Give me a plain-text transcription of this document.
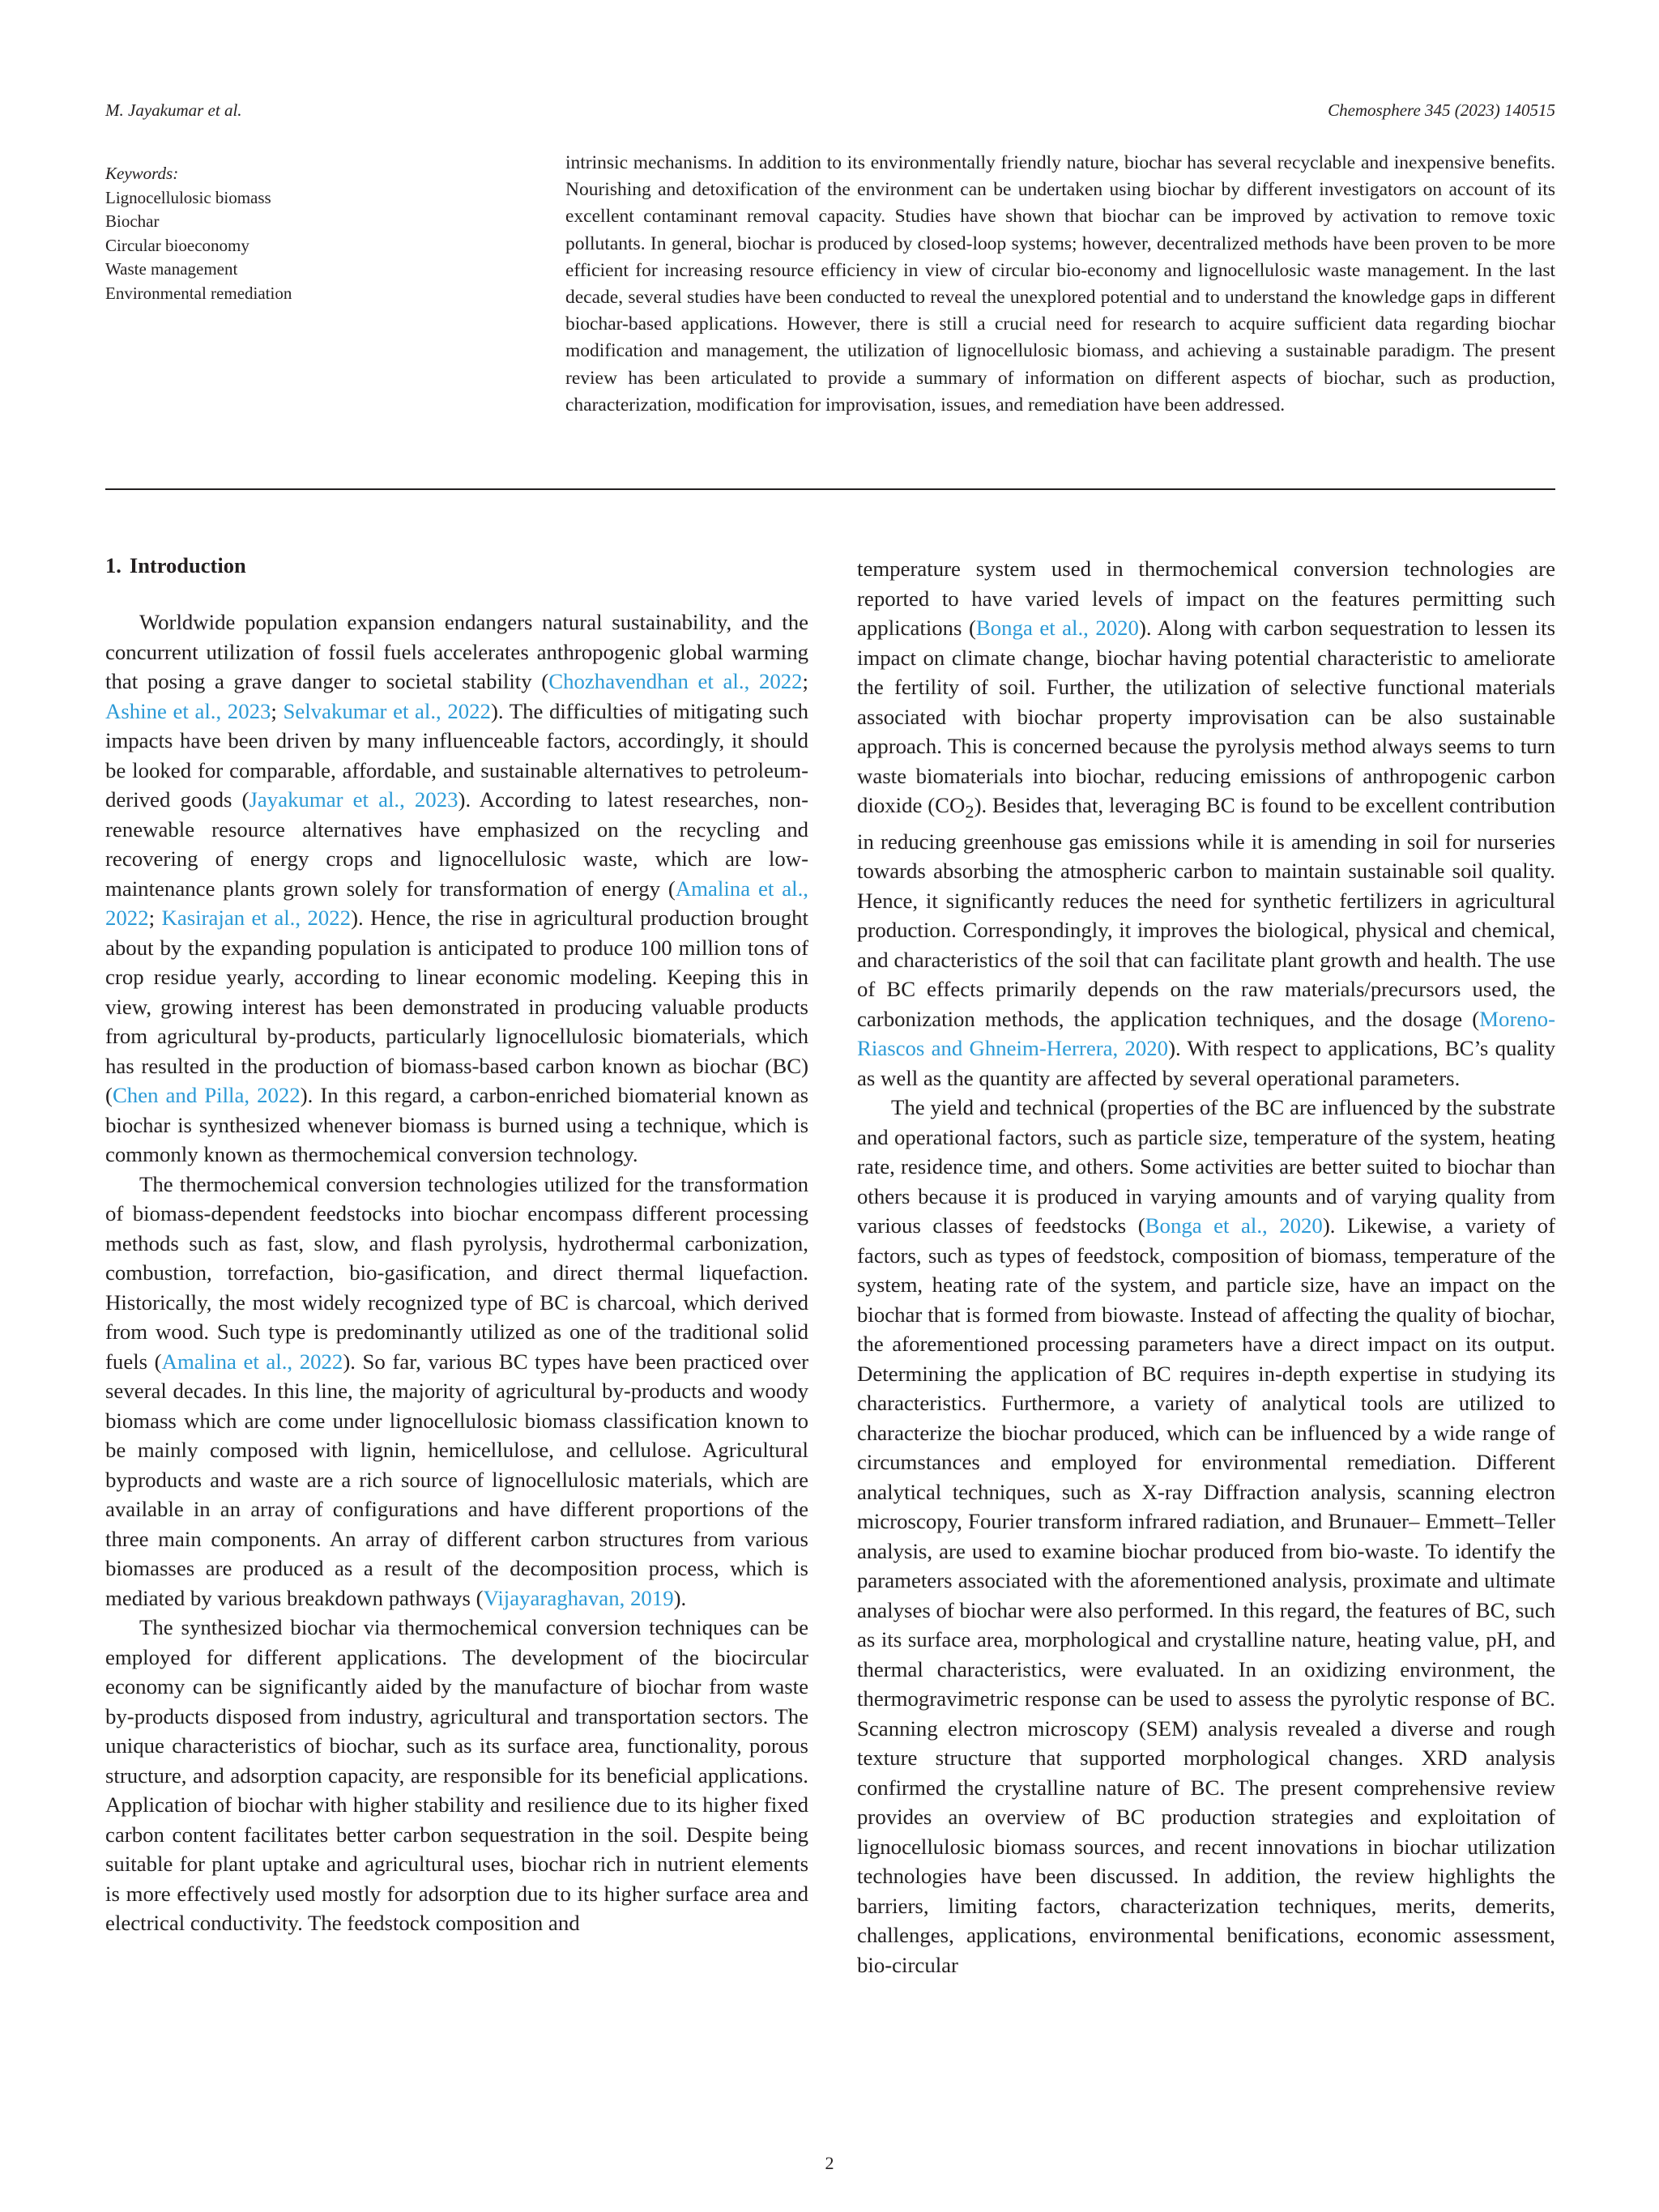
M. Jayakumar et al.	Chemosphere 345 (2023) 140515
Keywords:
Lignocellulosic biomass
Biochar
Circular bioeconomy
Waste management
Environmental remediation
intrinsic mechanisms. In addition to its environmentally friendly nature, biochar has several recyclable and inexpensive benefits. Nourishing and detoxification of the environment can be undertaken using biochar by different investigators on account of its excellent contaminant removal capacity. Studies have shown that biochar can be improved by activation to remove toxic pollutants. In general, biochar is produced by closed-loop systems; however, decentralized methods have been proven to be more efficient for increasing resource efficiency in view of circular bio-economy and lignocellulosic waste management. In the last decade, several studies have been conducted to reveal the unexplored potential and to understand the knowledge gaps in different biochar-based applications. However, there is still a crucial need for research to acquire sufficient data regarding biochar modification and management, the utilization of lignocellulosic biomass, and achieving a sustainable paradigm. The present review has been articulated to provide a summary of information on different aspects of biochar, such as production, characterization, modification for improvisation, issues, and remediation have been addressed.
1. Introduction

Worldwide population expansion endangers natural sustainability, and the concurrent utilization of fossil fuels accelerates anthropogenic global warming that posing a grave danger to societal stability (Chozhavendhan et al., 2022; Ashine et al., 2023; Selvakumar et al., 2022). The difficulties of mitigating such impacts have been driven by many influenceable factors, accordingly, it should be looked for comparable, affordable, and sustainable alternatives to petroleum-derived goods (Jayakumar et al., 2023). According to latest researches, non-renewable resource alternatives have emphasized on the recycling and recovering of energy crops and lignocellulosic waste, which are low-maintenance plants grown solely for transformation of energy (Amalina et al., 2022; Kasirajan et al., 2022). Hence, the rise in agricultural production brought about by the expanding population is anticipated to produce 100 million tons of crop residue yearly, according to linear economic modeling. Keeping this in view, growing interest has been demonstrated in producing valuable products from agricultural by-products, particularly lignocellulosic biomaterials, which has resulted in the production of biomass-based carbon known as biochar (BC) (Chen and Pilla, 2022). In this regard, a carbon-enriched biomaterial known as biochar is synthesized whenever biomass is burned using a technique, which is commonly known as thermochemical conversion technology.

The thermochemical conversion technologies utilized for the transformation of biomass-dependent feedstocks into biochar encompass different processing methods such as fast, slow, and flash pyrolysis, hydrothermal carbonization, combustion, torrefaction, bio-gasification, and direct thermal liquefaction. Historically, the most widely recognized type of BC is charcoal, which derived from wood. Such type is predominantly utilized as one of the traditional solid fuels (Amalina et al., 2022). So far, various BC types have been practiced over several decades. In this line, the majority of agricultural by-products and woody biomass which are come under lignocellulosic biomass classification known to be mainly composed with lignin, hemicellulose, and cellulose. Agricultural byproducts and waste are a rich source of lignocellulosic materials, which are available in an array of configurations and have different proportions of the three main components. An array of different carbon structures from various biomasses are produced as a result of the decomposition process, which is mediated by various breakdown pathways (Vijayaraghavan, 2019).

The synthesized biochar via thermochemical conversion techniques can be employed for different applications. The development of the biocircular economy can be significantly aided by the manufacture of biochar from waste by-products disposed from industry, agricultural and transportation sectors. The unique characteristics of biochar, such as its surface area, functionality, porous structure, and adsorption capacity, are responsible for its beneficial applications. Application of biochar with higher stability and resilience due to its higher fixed carbon content facilitates better carbon sequestration in the soil. Despite being suitable for plant uptake and agricultural uses, biochar rich in nutrient elements is more effectively used mostly for adsorption due to its higher surface area and electrical conductivity. The feedstock composition and

temperature system used in thermochemical conversion technologies are reported to have varied levels of impact on the features permitting such applications (Bonga et al., 2020). Along with carbon sequestration to lessen its impact on climate change, biochar having potential characteristic to ameliorate the fertility of soil. Further, the utilization of selective functional materials associated with biochar property improvisation can be also sustainable approach. This is concerned because the pyrolysis method always seems to turn waste biomaterials into biochar, reducing emissions of anthropogenic carbon dioxide $(CO_2)$. Besides that, leveraging BC is found to be excellent contribution in reducing greenhouse gas emissions while it is amending in soil for nurseries towards absorbing the atmospheric carbon to maintain sustainable soil quality. Hence, it significantly reduces the need for synthetic fertilizers in agricultural production. Correspondingly, it improves the biological, physical and chemical, and characteristics of the soil that can facilitate plant growth and health. The use of BC effects primarily depends on the raw materials/precursors used, the carbonization methods, the application techniques, and the dosage (Moreno-Riascos and Ghneim-Herrera, 2020). With respect to applications, BC’s quality as well as the quantity are affected by several operational parameters.

The yield and technical (properties of the BC are influenced by the substrate and operational factors, such as particle size, temperature of the system, heating rate, residence time, and others. Some activities are better suited to biochar than others because it is produced in varying amounts and of varying quality from various classes of feedstocks (Bonga et al., 2020). Likewise, a variety of factors, such as types of feedstock, composition of biomass, temperature of the system, heating rate of the system, and particle size, have an impact on the biochar that is formed from biowaste. Instead of affecting the quality of biochar, the aforementioned processing parameters have a direct impact on its output. Determining the application of BC requires in-depth expertise in studying its characteristics. Furthermore, a variety of analytical tools are utilized to characterize the biochar produced, which can be influenced by a wide range of circumstances and employed for environmental remediation. Different analytical techniques, such as X-ray Diffraction analysis, scanning electron microscopy, Fourier transform infrared radiation, and Brunauer– Emmett–Teller analysis, are used to examine biochar produced from bio-waste. To identify the parameters associated with the aforementioned analysis, proximate and ultimate analyses of biochar were also performed. In this regard, the features of BC, such as its surface area, morphological and crystalline nature, heating value, pH, and thermal characteristics, were evaluated. In an oxidizing environment, the thermogravimetric response can be used to assess the pyrolytic response of BC. Scanning electron microscopy (SEM) analysis revealed a diverse and rough texture structure that supported morphological changes. XRD analysis confirmed the crystalline nature of BC. The present comprehensive review provides an overview of BC production strategies and exploitation of lignocellulosic biomass sources, and recent innovations in biochar utilization technologies have been discussed. In addition, the review highlights the barriers, limiting factors, characterization techniques, merits, demerits, challenges, applications, environmental benifications, economic assessment, bio-circular

2
